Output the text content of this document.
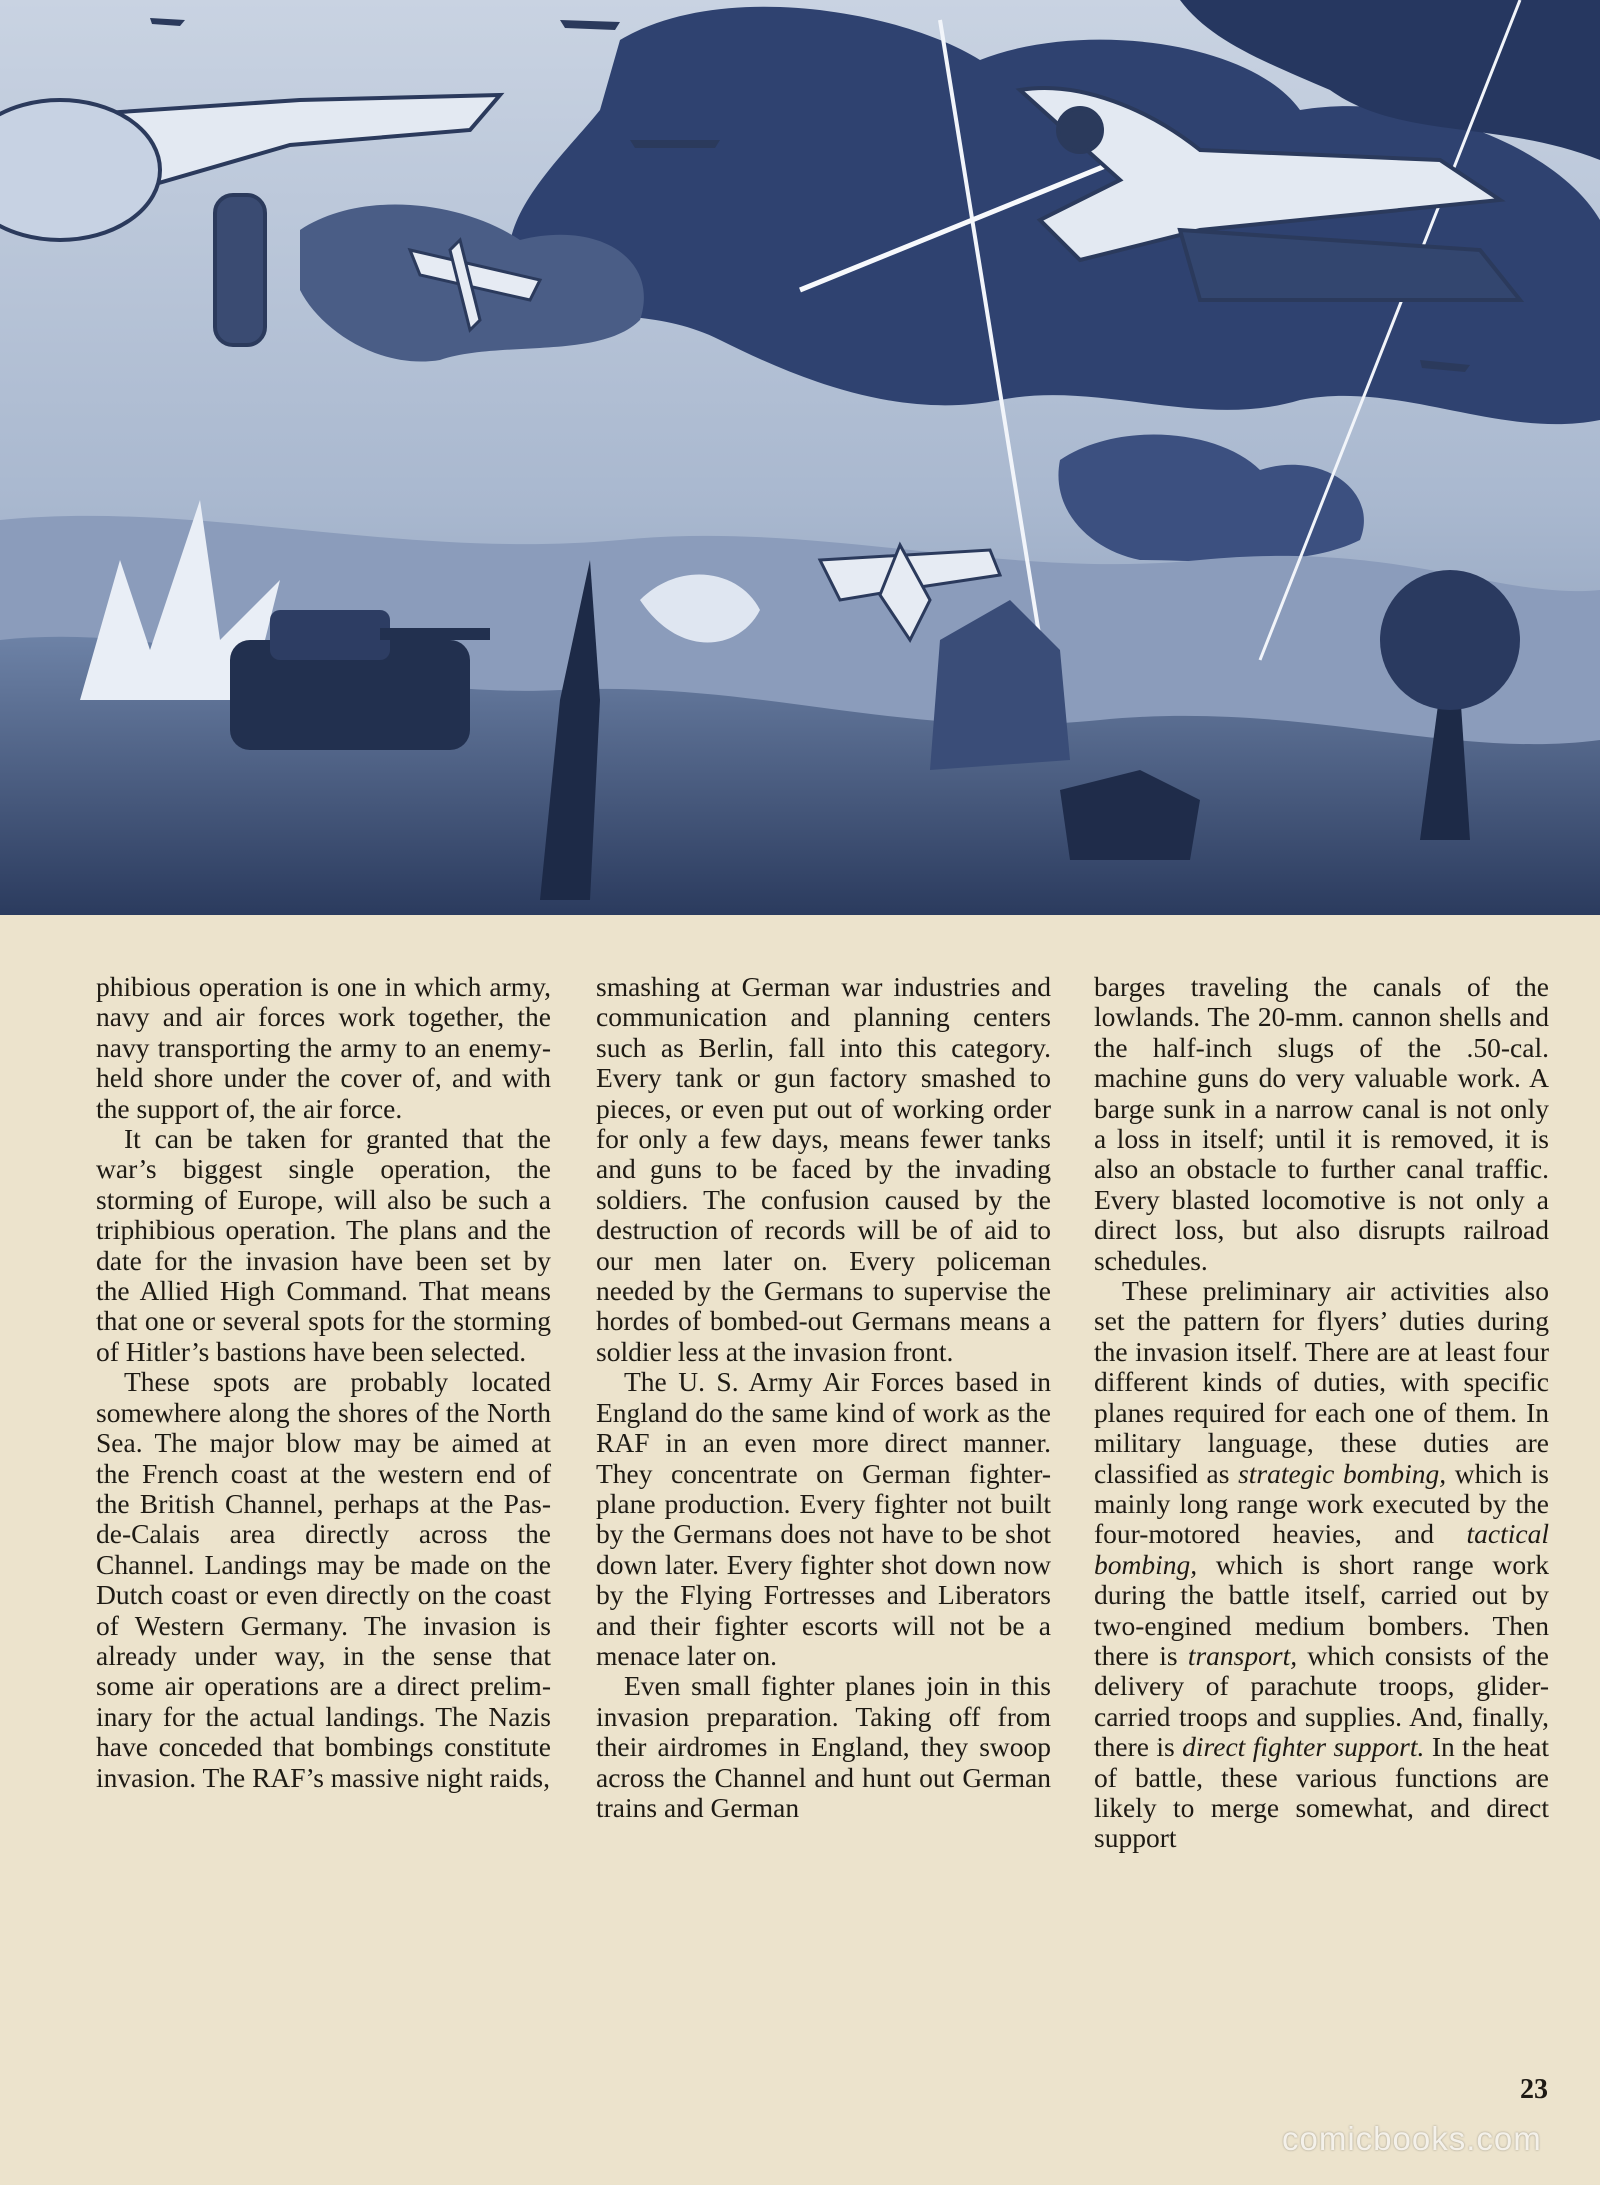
phibious operation is one in which army, navy and air forces work together, the navy transporting the army to an enemy-held shore under the cover of, and with the support of, the air force.

It can be taken for granted that the war’s biggest single operation, the storming of Europe, will also be such a triphibious operation. The plans and the date for the invasion have been set by the Allied High Command. That means that one or several spots for the storming of Hitler’s bastions have been selected.

These spots are probably located somewhere along the shores of the North Sea. The major blow may be aimed at the French coast at the western end of the British Channel, perhaps at the Pas-de-Calais area directly across the Channel. Landings may be made on the Dutch coast or even directly on the coast of Western Germany. The invasion is already under way, in the sense that some air operations are a direct preliminary for the actual landings. The Nazis have conceded that bombings constitute invasion. The RAF’s massive night raids,

smashing at German war industries and communication and planning centers such as Berlin, fall into this category. Every tank or gun factory smashed to pieces, or even put out of working order for only a few days, means fewer tanks and guns to be faced by the invading soldiers. The confusion caused by the destruction of records will be of aid to our men later on. Every policeman needed by the Germans to supervise the hordes of bombed-out Germans means a soldier less at the invasion front.

The U. S. Army Air Forces based in England do the same kind of work as the RAF in an even more direct manner. They concentrate on German fighter-plane production. Every fighter not built by the Germans does not have to be shot down later. Every fighter shot down now by the Flying Fortresses and Liberators and their fighter escorts will not be a menace later on.

Even small fighter planes join in this invasion preparation. Taking off from their airdromes in England, they swoop across the Channel and hunt out German trains and German

barges traveling the canals of the lowlands. The 20-mm. cannon shells and the half-inch slugs of the .50-cal. machine guns do very valuable work. A barge sunk in a narrow canal is not only a loss in itself; until it is removed, it is also an obstacle to further canal traffic. Every blasted locomotive is not only a direct loss, but also disrupts railroad schedules.

These preliminary air activities also set the pattern for flyers’ duties during the invasion itself. There are at least four different kinds of duties, with specific planes required for each one of them. In military language, these duties are classified as strategic bombing, which is mainly long range work executed by the four-motored heavies, and tactical bombing, which is short range work during the battle itself, carried out by two-engined medium bombers. Then there is transport, which consists of the delivery of parachute troops, glider-carried troops and supplies. And, finally, there is direct fighter support. In the heat of battle, these various functions are likely to merge somewhat, and direct support

23
comicbooks.com
